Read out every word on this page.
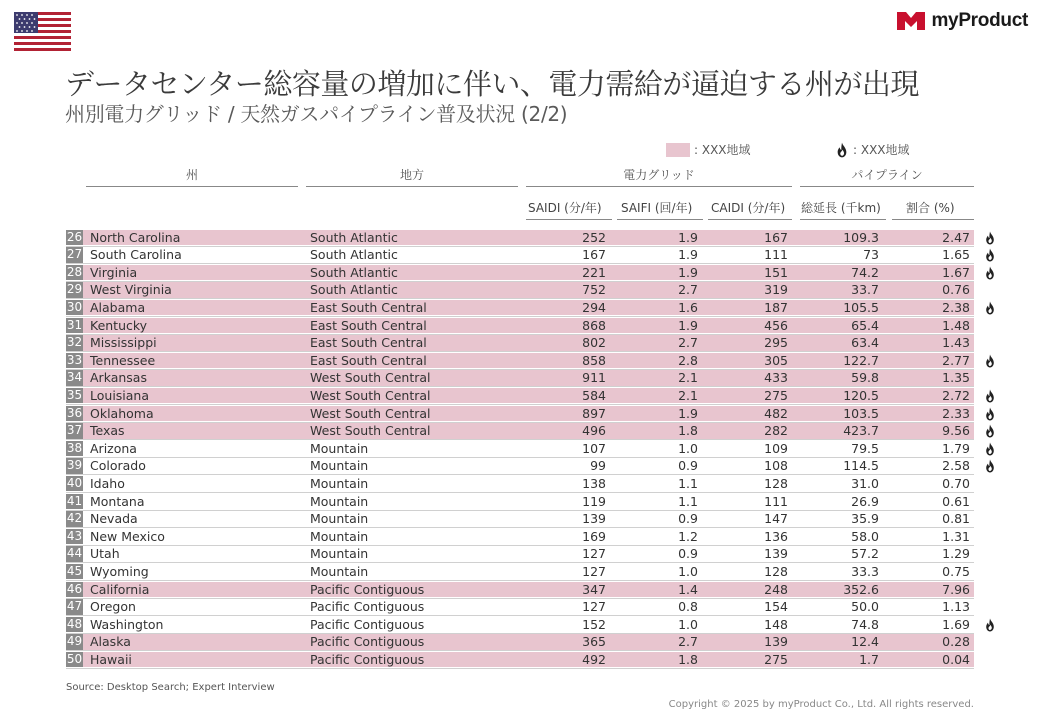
myProduct
データセンター総容量の増加に伴い、電力需給が逼迫する州が出現
州別電力グリッド / 天然ガスパイプライン普及状況 (2/2)
: XXX地域	: XXX地域
州	地方	電力グリッド	パイプライン
SAIDI (分/年) SAIFI (回/年) CAIDI (分/年) 総延長 (千km) 割合 (%)
26 North Carolina	South Atlantic	252	1.9	167	109.3	2.47
27 South Carolina	South Atlantic	167	1.9	111	73	1.65
28 Virginia	South Atlantic	221	1.9	151	74.2	1.67
29 West Virginia	South Atlantic	752	2.7	319	33.7	0.76
30 Alabama	East South Central	294	1.6	187	105.5	2.38
31 Kentucky	East South Central	868	1.9	456	65.4	1.48
32 Mississippi	East South Central	802	2.7	295	63.4	1.43
33 Tennessee	East South Central	858	2.8	305	122.7	2.77
34 Arkansas	West South Central	911	2.1	433	59.8	1.35
35 Louisiana	West South Central	584	2.1	275	120.5	2.72
36 Oklahoma	West South Central	897	1.9	482	103.5	2.33
37 Texas	West South Central	496	1.8	282	423.7	9.56
38 Arizona	Mountain	107	1.0	109	79.5	1.79
39 Colorado	Mountain	99	0.9	108	114.5	2.58
40 Idaho	Mountain	138	1.1	128	31.0	0.70
41 Montana	Mountain	119	1.1	111	26.9	0.61
42 Nevada	Mountain	139	0.9	147	35.9	0.81
43 New Mexico	Mountain	169	1.2	136	58.0	1.31
44 Utah	Mountain	127	0.9	139	57.2	1.29
45 Wyoming	Mountain	127	1.0	128	33.3	0.75
46 California	Pacific Contiguous	347	1.4	248	352.6	7.96
47 Oregon	Pacific Contiguous	127	0.8	154	50.0	1.13
48 Washington	Pacific Contiguous	152	1.0	148	74.8	1.69
49 Alaska	Pacific Contiguous	365	2.7	139	12.4	0.28
50 Hawaii	Pacific Contiguous	492	1.8	275	1.7	0.04
Source: Desktop Search; Expert Interview
Copyright © 2025 by myProduct Co., Ltd. All rights reserved.
